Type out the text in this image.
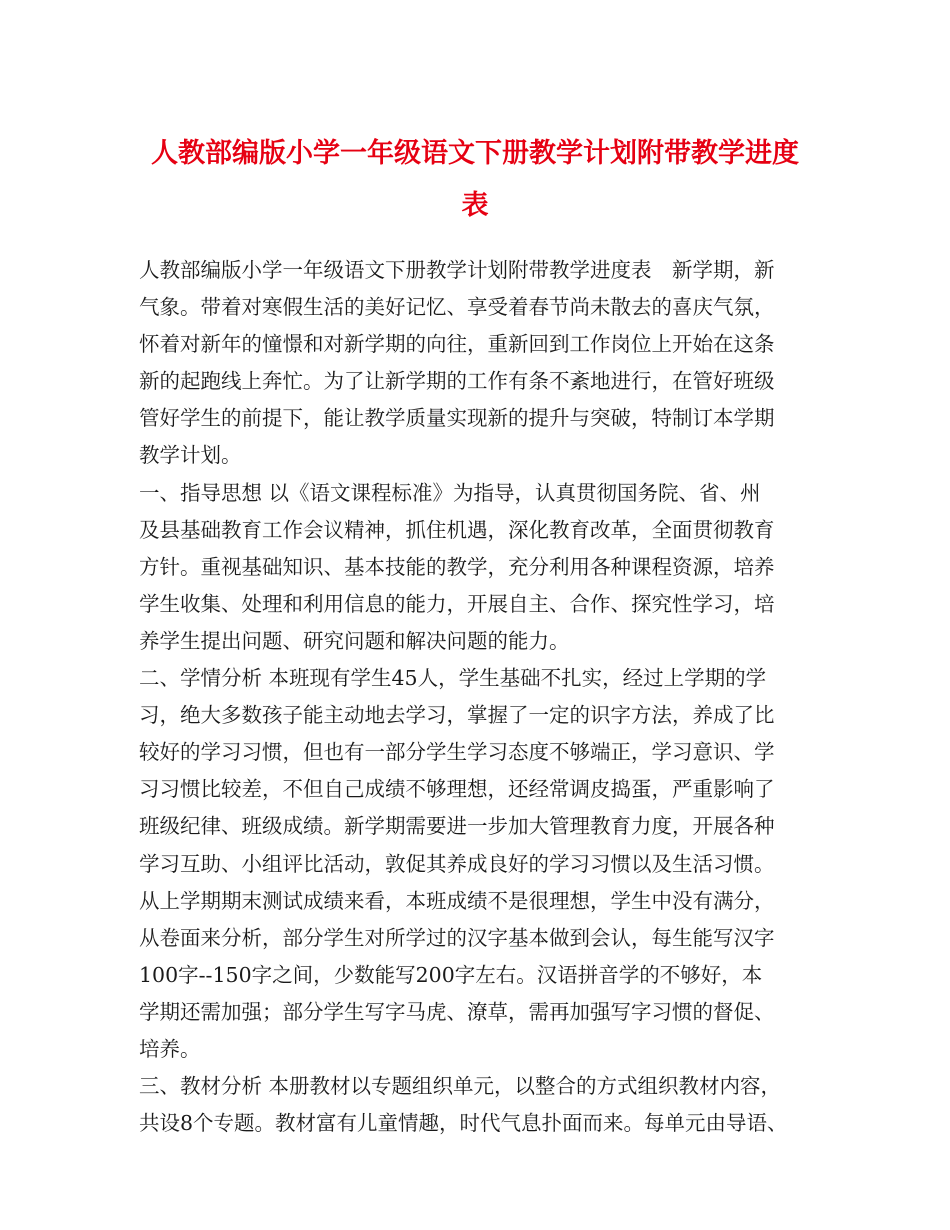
人教部编版小学一年级语文下册教学计划附带教学进度
表
人教部编版小学一年级语文下册教学计划附带教学进度表　新学期，新
气象。带着对寒假生活的美好记忆、享受着春节尚未散去的喜庆气氛，
怀着对新年的憧憬和对新学期的向往，重新回到工作岗位上开始在这条
新的起跑线上奔忙。为了让新学期的工作有条不紊地进行，在管好班级
管好学生的前提下，能让教学质量实现新的提升与突破，特制订本学期
教学计划。
一、指导思想 以《语文课程标准》为指导，认真贯彻国务院、省、州
及县基础教育工作会议精神，抓住机遇，深化教育改革，全面贯彻教育
方针。重视基础知识、基本技能的教学，充分利用各种课程资源，培养
学生收集、处理和利用信息的能力，开展自主、合作、探究性学习，培
养学生提出问题、研究问题和解决问题的能力。
二、学情分析 本班现有学生45人，学生基础不扎实，经过上学期的学
习，绝大多数孩子能主动地去学习，掌握了一定的识字方法，养成了比
较好的学习习惯，但也有一部分学生学习态度不够端正，学习意识、学
习习惯比较差，不但自己成绩不够理想，还经常调皮捣蛋，严重影响了
班级纪律、班级成绩。新学期需要进一步加大管理教育力度，开展各种
学习互助、小组评比活动，敦促其养成良好的学习习惯以及生活习惯。
从上学期期末测试成绩来看，本班成绩不是很理想，学生中没有满分，
从卷面来分析，部分学生对所学过的汉字基本做到会认，每生能写汉字
100字--150字之间，少数能写200字左右。汉语拼音学的不够好，本
学期还需加强；部分学生写字马虎、潦草，需再加强写字习惯的督促、
培养。
三、教材分析 本册教材以专题组织单元，以整合的方式组织教材内容，
共设8个专题。教材富有儿童情趣，时代气息扑面而来。每单元由导语、
